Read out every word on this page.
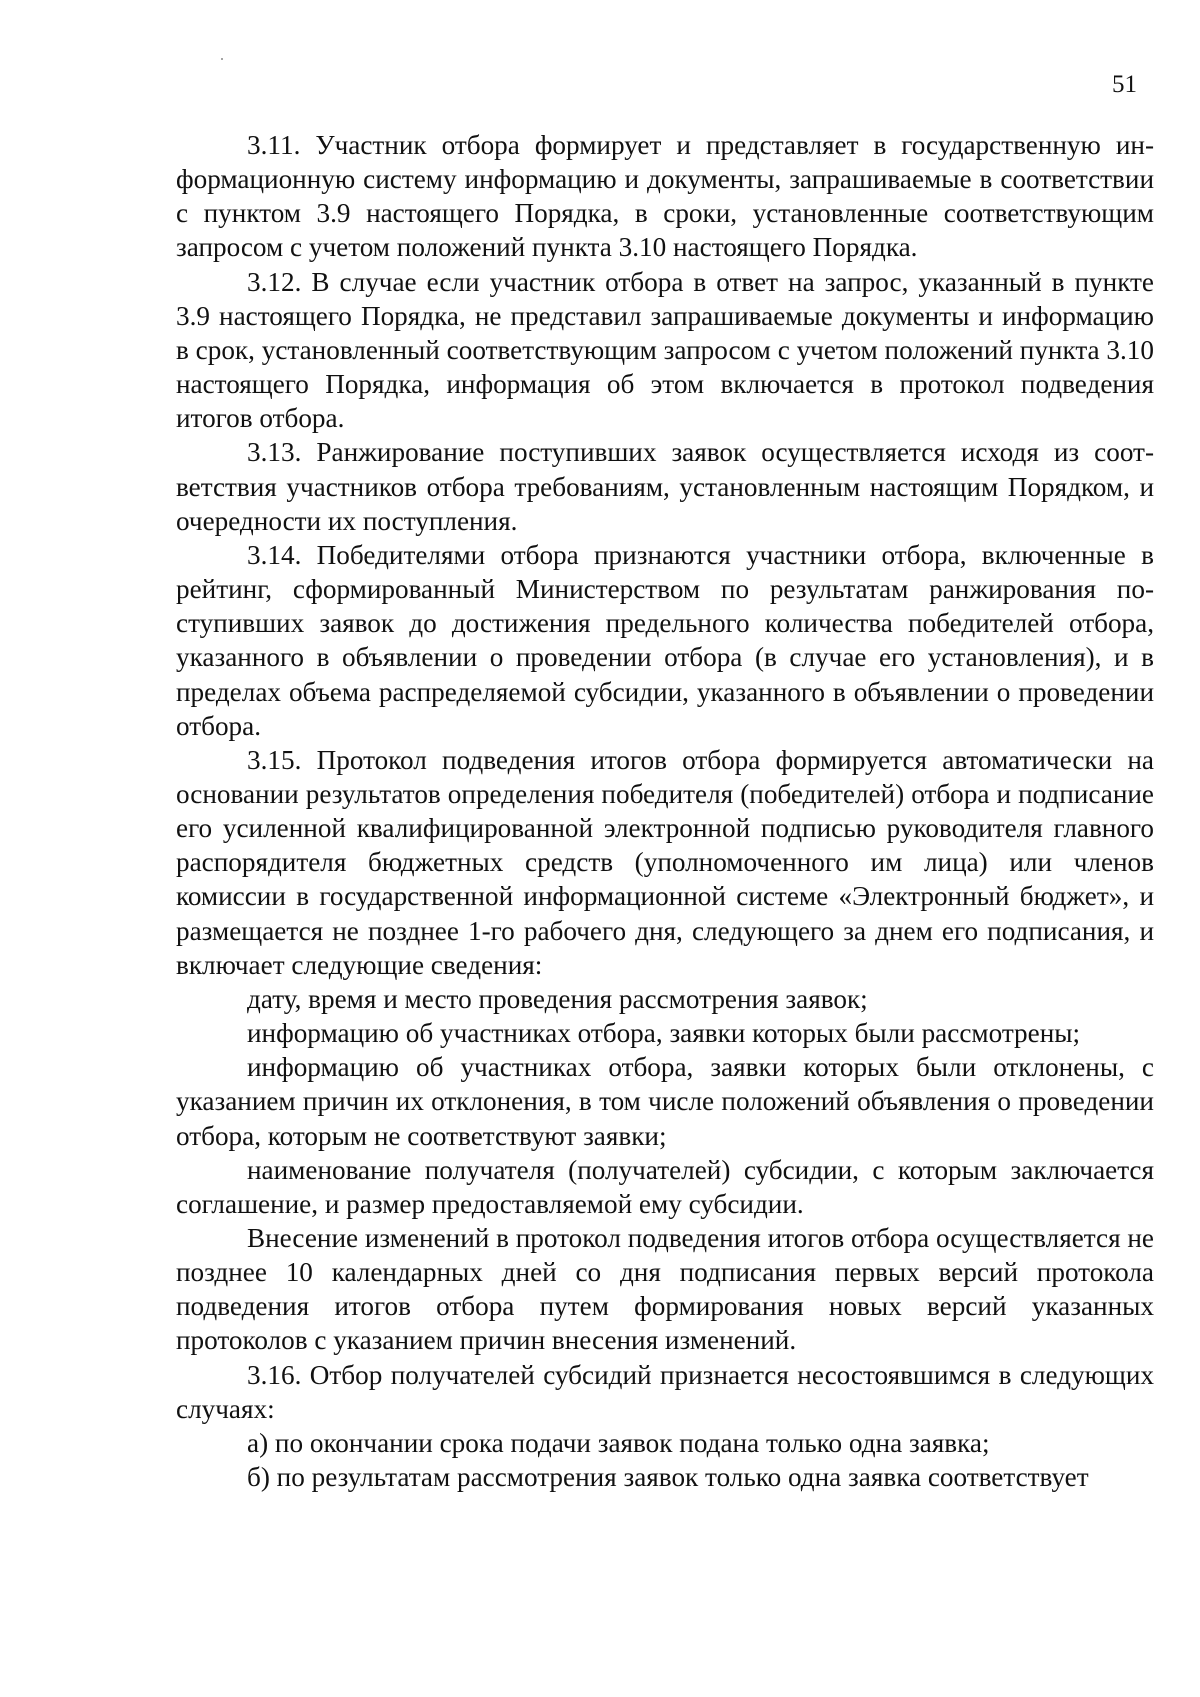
51

3.11. Участник отбора формирует и представляет в государственную информационную систему информацию и документы, запрашиваемые в соответствии с пунктом 3.9 настоящего Порядка, в сроки, установленные соответствующим запросом с учетом положений пункта 3.10 настоящего Порядка.

3.12. В случае если участник отбора в ответ на запрос, указанный в пункте 3.9 настоящего Порядка, не представил запрашиваемые документы и информацию в срок, установленный соответствующим запросом с учетом положений пункта 3.10 настоящего Порядка, информация об этом включается в протокол подведения итогов отбора.

3.13. Ранжирование поступивших заявок осуществляется исходя из соответствия участников отбора требованиям, установленным настоящим Порядком, и очередности их поступления.

3.14. Победителями отбора признаются участники отбора, включенные в рейтинг, сформированный Министерством по результатам ранжирования поступивших заявок до достижения предельного количества победителей отбора, указанного в объявлении о проведении отбора (в случае его установления), и в пределах объема распределяемой субсидии, указанного в объявлении о проведении отбора.

3.15. Протокол подведения итогов отбора формируется автоматически на основании результатов определения победителя (победителей) отбора и подписание его усиленной квалифицированной электронной подписью руководителя главного распорядителя бюджетных средств (уполномоченного им лица) или членов комиссии в государственной информационной системе «Электронный бюджет», и размещается не позднее 1-го рабочего дня, следующего за днем его подписания, и включает следующие сведения:

дату, время и место проведения рассмотрения заявок;

информацию об участниках отбора, заявки которых были рассмотрены;

информацию об участниках отбора, заявки которых были отклонены, с указанием причин их отклонения, в том числе положений объявления о проведении отбора, которым не соответствуют заявки;

наименование получателя (получателей) субсидии, с которым заключается соглашение, и размер предоставляемой ему субсидии.

Внесение изменений в протокол подведения итогов отбора осуществляется не позднее 10 календарных дней со дня подписания первых версий протокола подведения итогов отбора путем формирования новых версий указанных протоколов с указанием причин внесения изменений.

3.16. Отбор получателей субсидий признается несостоявшимся в следующих случаях:

а) по окончании срока подачи заявок подана только одна заявка;

б) по результатам рассмотрения заявок только одна заявка соответствует
